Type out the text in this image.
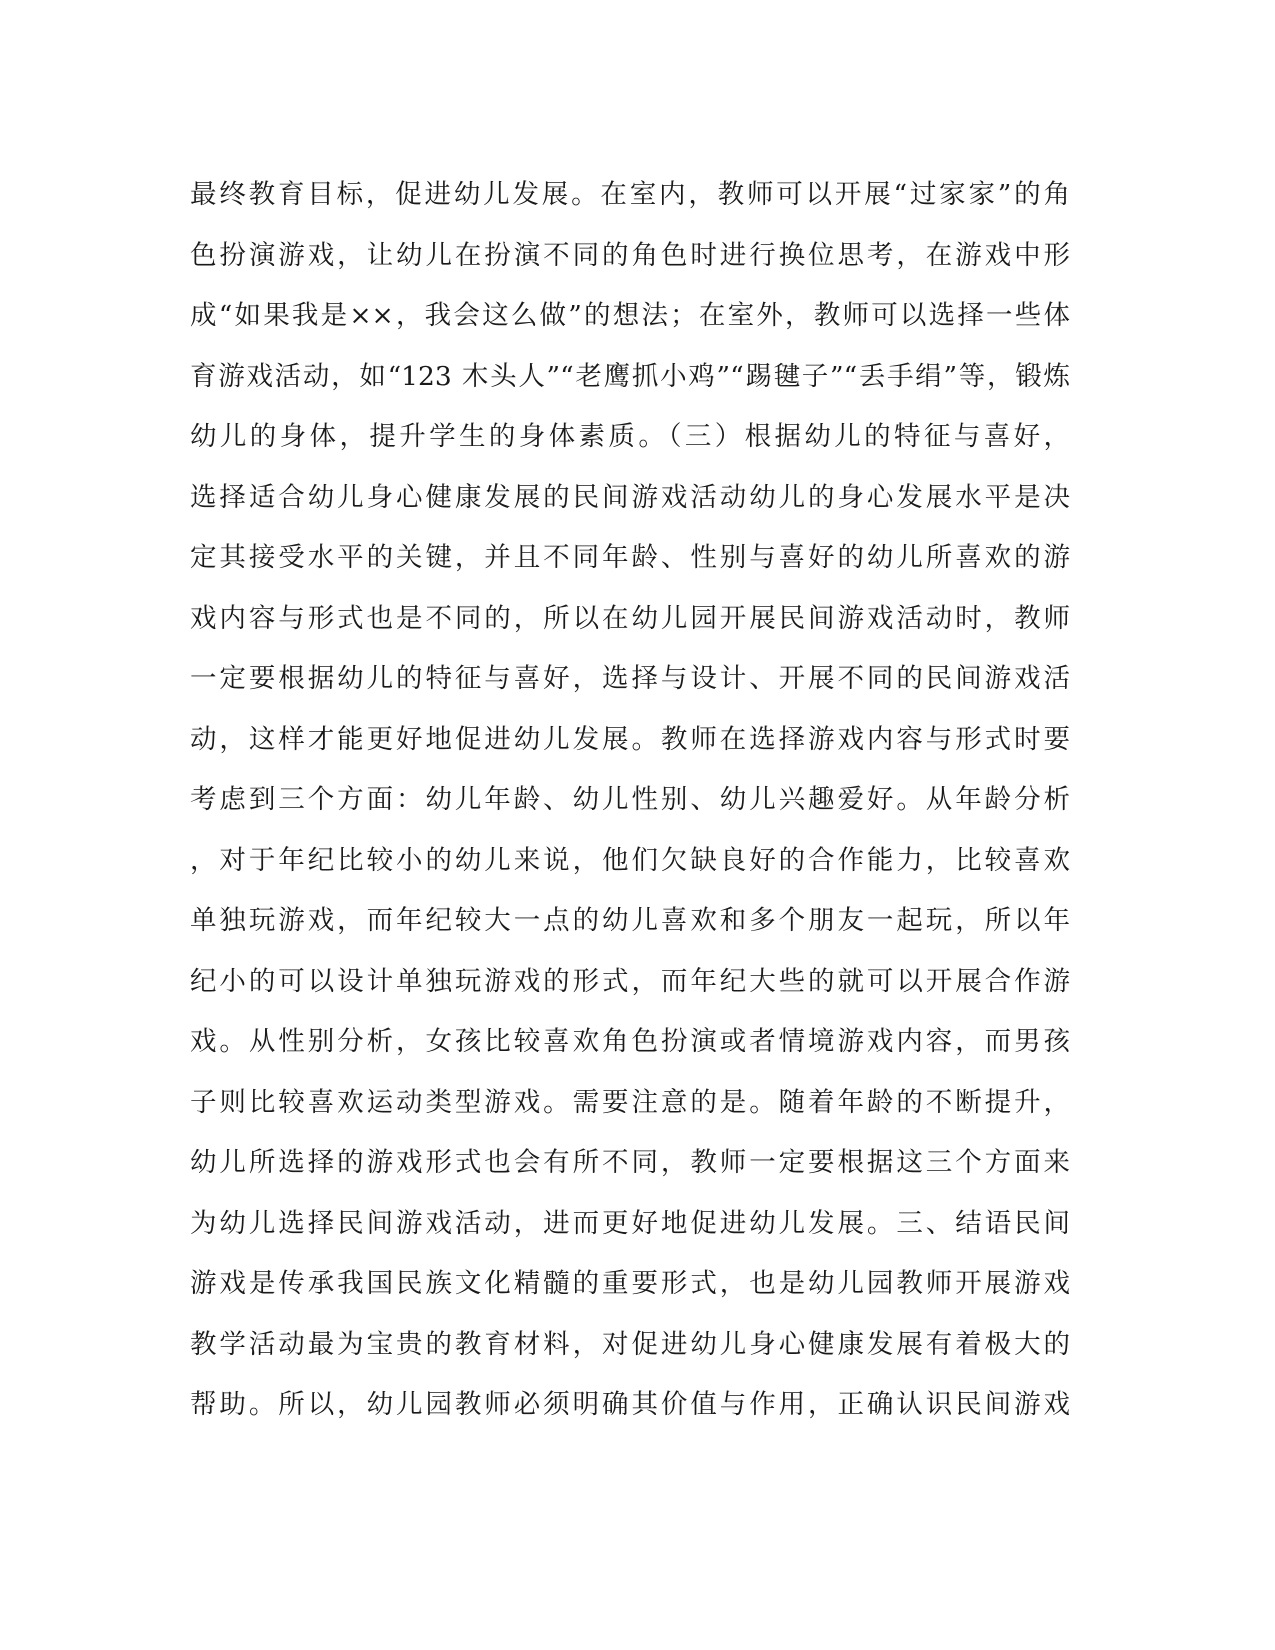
最终教育目标，促进幼儿发展。在室内，教师可以开展“过家家”的角
色扮演游戏，让幼儿在扮演不同的角色时进行换位思考，在游戏中形
成“如果我是××，我会这么做”的想法；在室外，教师可以选择一些体
育游戏活动，如“123 木头人”“老鹰抓小鸡”“踢毽子”“丢手绢”等，锻炼
幼儿的身体，提升学生的身体素质。（三）根据幼儿的特征与喜好，
选择适合幼儿身心健康发展的民间游戏活动幼儿的身心发展水平是决
定其接受水平的关键，并且不同年龄、性别与喜好的幼儿所喜欢的游
戏内容与形式也是不同的，所以在幼儿园开展民间游戏活动时，教师
一定要根据幼儿的特征与喜好，选择与设计、开展不同的民间游戏活
动，这样才能更好地促进幼儿发展。教师在选择游戏内容与形式时要
考虑到三个方面：幼儿年龄、幼儿性别、幼儿兴趣爱好。从年龄分析
，对于年纪比较小的幼儿来说，他们欠缺良好的合作能力，比较喜欢
单独玩游戏，而年纪较大一点的幼儿喜欢和多个朋友一起玩，所以年
纪小的可以设计单独玩游戏的形式，而年纪大些的就可以开展合作游
戏。从性别分析，女孩比较喜欢角色扮演或者情境游戏内容，而男孩
子则比较喜欢运动类型游戏。需要注意的是。随着年龄的不断提升，
幼儿所选择的游戏形式也会有所不同，教师一定要根据这三个方面来
为幼儿选择民间游戏活动，进而更好地促进幼儿发展。三、结语民间
游戏是传承我国民族文化精髓的重要形式，也是幼儿园教师开展游戏
教学活动最为宝贵的教育材料，对促进幼儿身心健康发展有着极大的
帮助。所以，幼儿园教师必须明确其价值与作用，正确认识民间游戏
